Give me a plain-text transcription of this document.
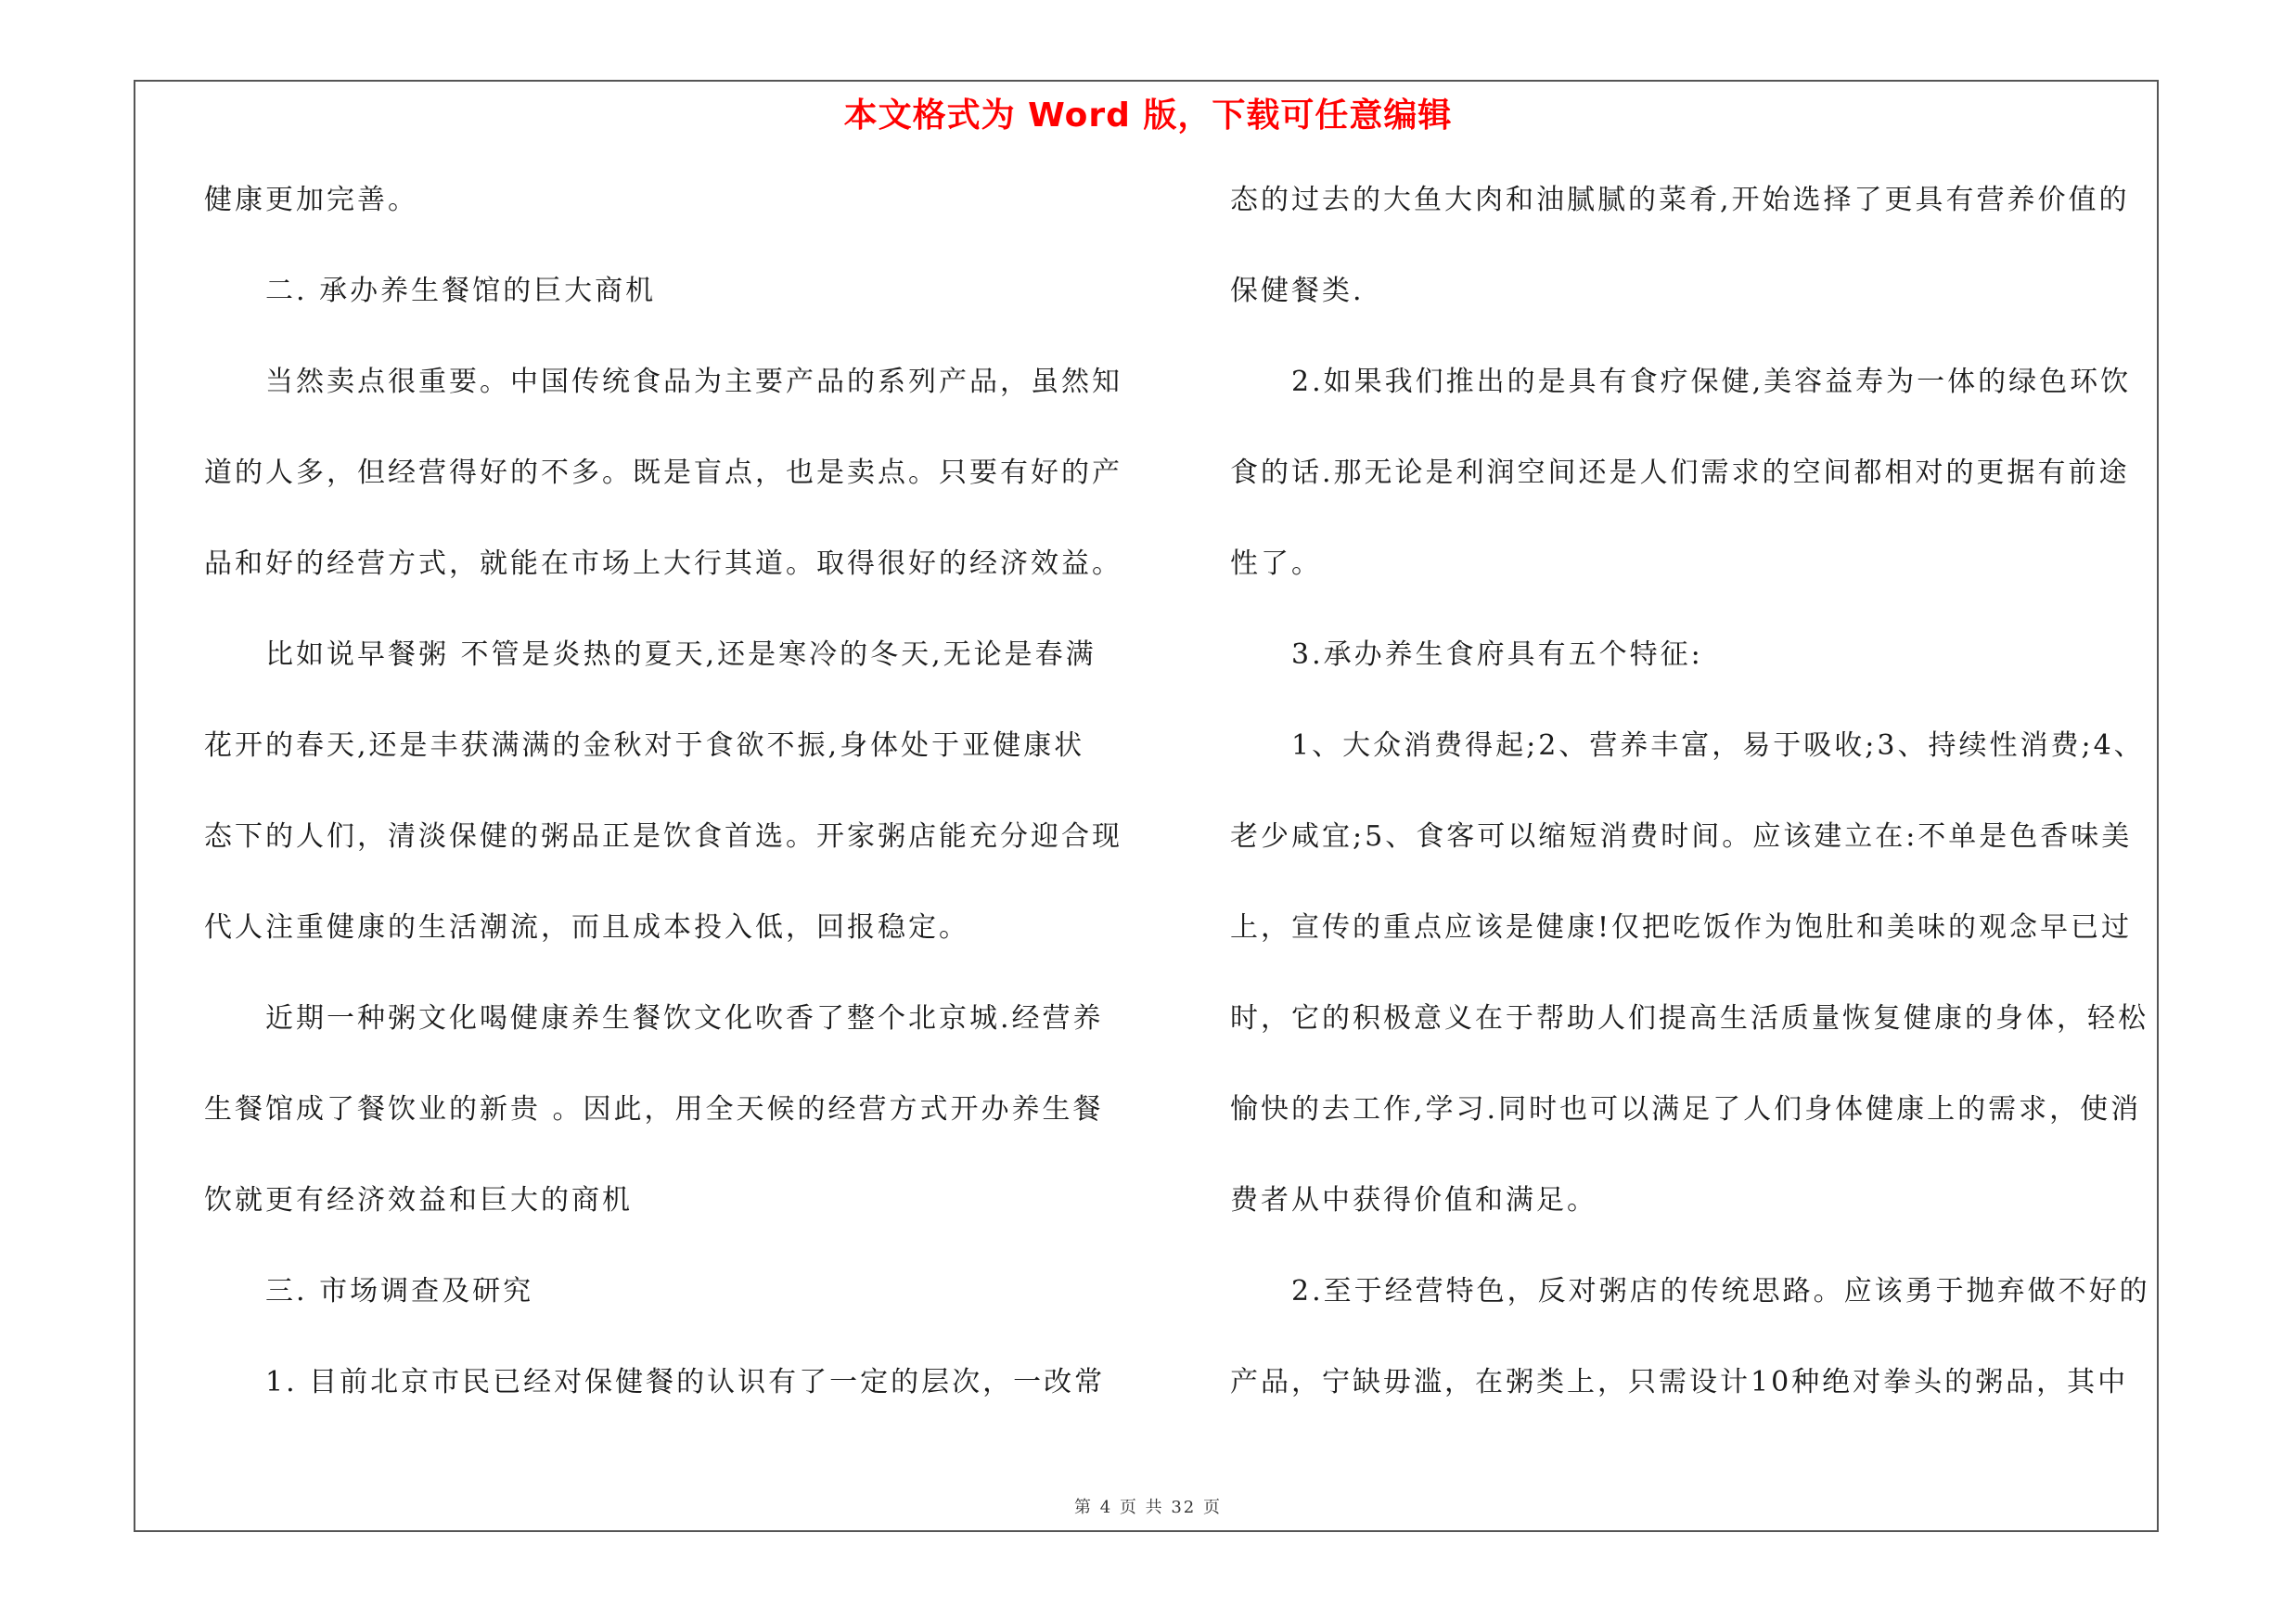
本文格式为 Word 版，下载可任意编辑
健康更加完善。
　　二. 承办养生餐馆的巨大商机
　　当然卖点很重要。中国传统食品为主要产品的系列产品，虽然知
道的人多，但经营得好的不多。既是盲点，也是卖点。只要有好的产
品和好的经营方式，就能在市场上大行其道。取得很好的经济效益。
　　比如说早餐粥 不管是炎热的夏天,还是寒冷的冬天,无论是春满
花开的春天,还是丰获满满的金秋对于食欲不振,身体处于亚健康状
态下的人们，清淡保健的粥品正是饮食首选。开家粥店能充分迎合现
代人注重健康的生活潮流，而且成本投入低，回报稳定。
　　近期一种粥文化喝健康养生餐饮文化吹香了整个北京城.经营养
生餐馆成了餐饮业的新贵 。因此，用全天候的经营方式开办养生餐
饮就更有经济效益和巨大的商机
　　三. 市场调查及研究
　　1. 目前北京市民已经对保健餐的认识有了一定的层次，一改常
态的过去的大鱼大肉和油腻腻的菜肴,开始选择了更具有营养价值的
保健餐类.
　　2.如果我们推出的是具有食疗保健,美容益寿为一体的绿色环饮
食的话.那无论是利润空间还是人们需求的空间都相对的更据有前途
性了。
　　3.承办养生食府具有五个特征:
　　1、大众消费得起;2、营养丰富，易于吸收;3、持续性消费;4、
老少咸宜;5、食客可以缩短消费时间。应该建立在:不单是色香味美
上，宣传的重点应该是健康!仅把吃饭作为饱肚和美味的观念早已过
时，它的积极意义在于帮助人们提高生活质量恢复健康的身体，轻松
愉快的去工作,学习.同时也可以满足了人们身体健康上的需求，使消
费者从中获得价值和满足。
　　2.至于经营特色，反对粥店的传统思路。应该勇于抛弃做不好的
产品，宁缺毋滥，在粥类上，只需设计10种绝对拳头的粥品，其中
第 4 页 共 32 页
